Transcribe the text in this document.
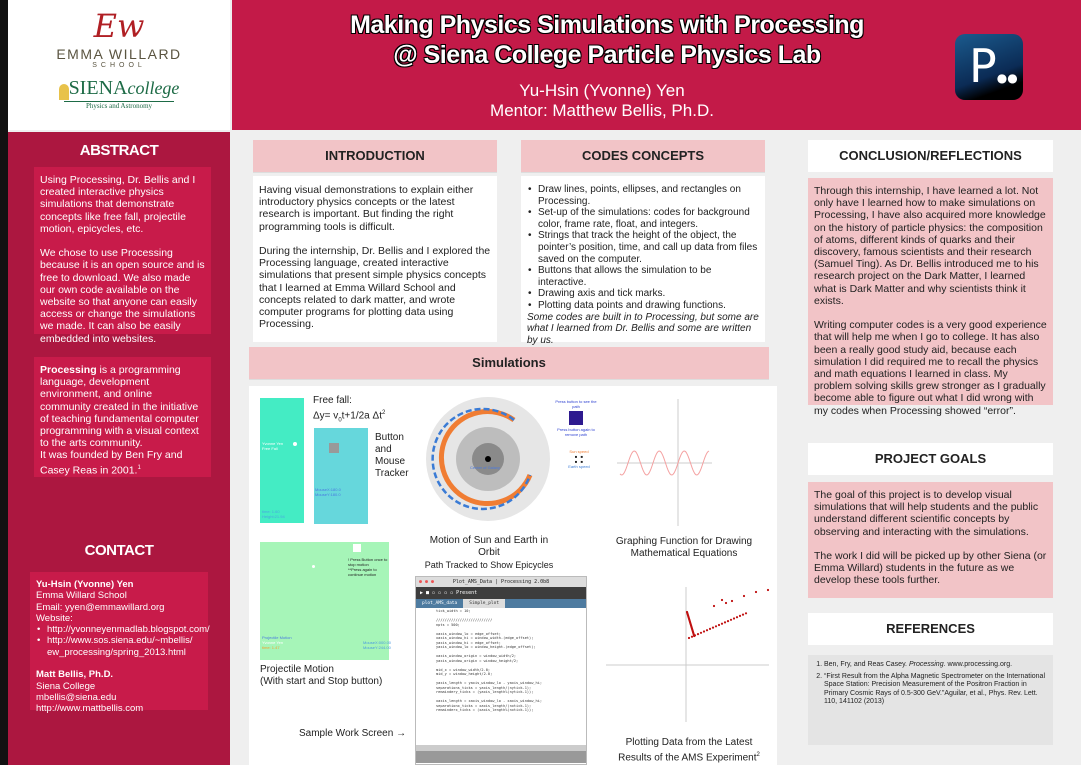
Ew
EMMA WILLARD
SCHOOL
SIENAcollege
Physics and Astronomy
Making Physics Simulations with Processing
@ Siena College Particle Physics Lab
Yu-Hsin (Yvonne) Yen
Mentor: Matthew Bellis, Ph.D.
P●●
ABSTRACT

Using Processing, Dr. Bellis and I created interactive physics simulations that demonstrate concepts like free fall, projectile motion, epicycles, etc.

We chose to use Processing because it is an open source and is free to download. We also made our own code available on the website so that anyone can easily access or change the simulations we made. It can also be easily embedded into websites.

Processing is a programming language, development environment, and online community created in the initiative of teaching fundamental computer programming with a visual context to the arts community.

It was founded by Ben Fry and Casey Reas in 2001.$^1$

CONTACT
Yu-Hsin (Yvonne) Yen
Emma Willard School
Email: yyen@emmawillard.org
Website:
• http://yvonneyenmadlab.blogspot.com/
• http://www.sos.siena.edu/~mbellis/ ew_processing/spring_2013.html

Matt Bellis, Ph.D.
Siena College
mbellis@siena.edu
http://www.mattbellis.com
INTRODUCTION

Having visual demonstrations to explain either introductory physics concepts or the latest research is important. But finding the right programming tools is difficult.

During the internship, Dr. Bellis and I explored the Processing language, created interactive simulations that present simple physics concepts that I learned at Emma Willard School and concepts related to dark matter, and wrote computer programs for plotting data using Processing.

CODES CONCEPTS
• Draw lines, points, ellipses, and rectangles on Processing.
• Set-up of the simulations: codes for background color, frame rate, float, and integers.
• Strings that track the height of the object, the pointer’s position, time, and call up data from files saved on the computer.
• Buttons that allows the simulation to be interactive.
• Drawing axis and tick marks.
• Plotting data points and drawing functions.
Some codes are built in to Processing, but some are what I learned from Dr. Bellis and some are written by us.
Simulations
Yvonne Yen
Free Fall
time: 1.60
Height:21.94
Free fall:
$\Delta y= v_0t+1/2a$ $\Delta t^2$
MouseX:180.0 MouseY:180.0
Button and Mouse Tracker
Center of Galaxy
Press button to see the path
Press button again to remove path
Sun speed
■   ■
■   ■
Earth speed
Motion of Sun and Earth in Orbit
Path Tracked to Show Epicycles
Graphing Function for Drawing Mathematical Equations
! Press Button once to stop motion
**Press again to continue motion
Projectile Motion
Yvonne Yen
time: 1.47
MouseX:000.00 MouseY:244.00
Projectile Motion
(With start and Stop button)
Sample Work Screen →
● ● ●	Plot_AMS_Data | Processing 2.0b8
▶ ■ ▫ ▫ ▫ ▫ Present
plot_AMS_data	Simple_plot
tick_width = 10;

//////////////////////////
npts = 500;

xaxis_window_lo = edge_offset;
xaxis_window_hi = window_width-(edge_offset);
yaxis_window_hi = edge_offset;
yaxis_window_lo = window_height-(edge_offset);

xaxis_window_origin = window_width/2;
yaxis_window_origin = window_height/2;

mid_x = window_width/2.0;
mid_y = window_height/2.0;

yaxis_length = yaxis_window_lo - yaxis_window_hi;
separations_ticks = yaxis_length/(nytick-1);
remaindery_ticks = (yaxis_length%(nytick-1));

xaxis_length = xaxis_window_lo - xaxis_window_hi;
separationx_ticks = xaxis_length/(nxtick-1);
remainderx_ticks = (xaxis_length%(nxtick-1));
Plotting Data from the Latest
Results of the AMS Experiment$^2$
CONCLUSION/REFLECTIONS

Through this internship, I have learned a lot. Not only have I learned how to make simulations on Processing, I have also acquired more knowledge on the history of particle physics: the composition of atoms, different kinds of quarks and their discovery, famous scientists and their research (Samuel Ting). As Dr. Bellis introduced me to his research project on the Dark Matter, I learned what is Dark Matter and why scientists think it exists.

Writing computer codes is a very good experience that will help me when I go to college. It has also been a really good study aid, because each simulation I did required me to recall the physics and math equations I learned in class. My problem solving skills grew stronger as I gradually become able to figure out what I did wrong with my codes when Processing showed “error”.

PROJECT GOALS

The goal of this project is to develop visual simulations that will help students and the public understand different scientific concepts by observing and interacting with the simulations.

The work I did will be picked up by other Siena (or Emma Willard) students in the future as we develop these tools further.

REFERENCES
1. Ben, Fry, and Reas Casey. Processing. www.processing.org.
2. “First Result from the Alpha Magnetic Spectrometer on the International Space Station: Precision Measurement of the Positron Fraction in Primary Cosmic Rays of 0.5-300 GeV.”Aguilar, et al., Phys. Rev. Lett. 110, 141102 (2013)
